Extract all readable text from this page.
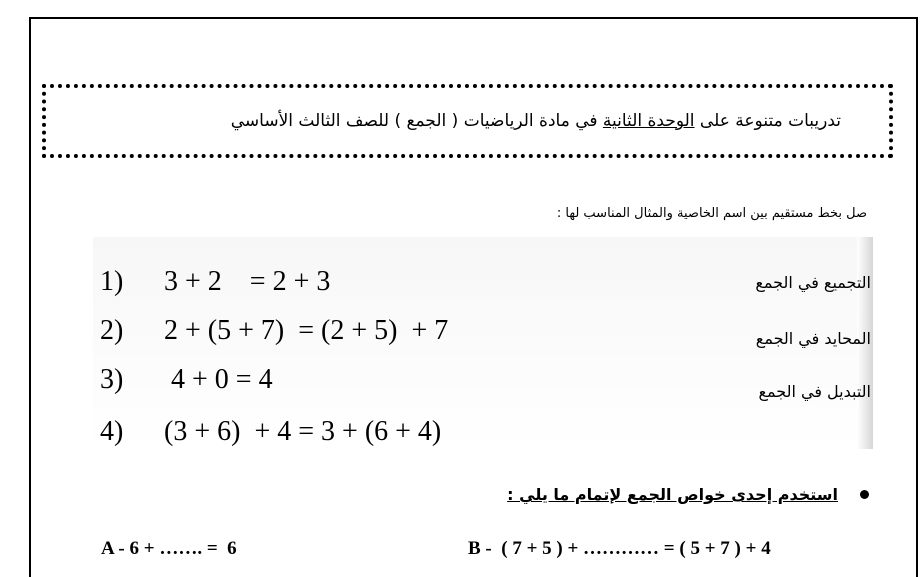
تدريبات متنوعة على الوحدة الثانية في مادة الرياضيات ( الجمع ) للصف الثالث الأساسي
صل بخط مستقيم بين اسم الخاصية والمثال المناسب لها :
1) 3 + 2    = 2 + 3
2) 2 + (5 + 7)  = (2 + 5)  + 7
3) 4 + 0 = 4
4) (3 + 6)  + 4 = 3 + (6 + 4)
التجميع في الجمع
المحايد في الجمع
التبديل في الجمع
استخدم إحدى خواص الجمع لإتمام ما يلي :
A - 6 + ……. =  6	B -  ( 7 + 5 ) + ………… = ( 5 + 7 ) + 4
